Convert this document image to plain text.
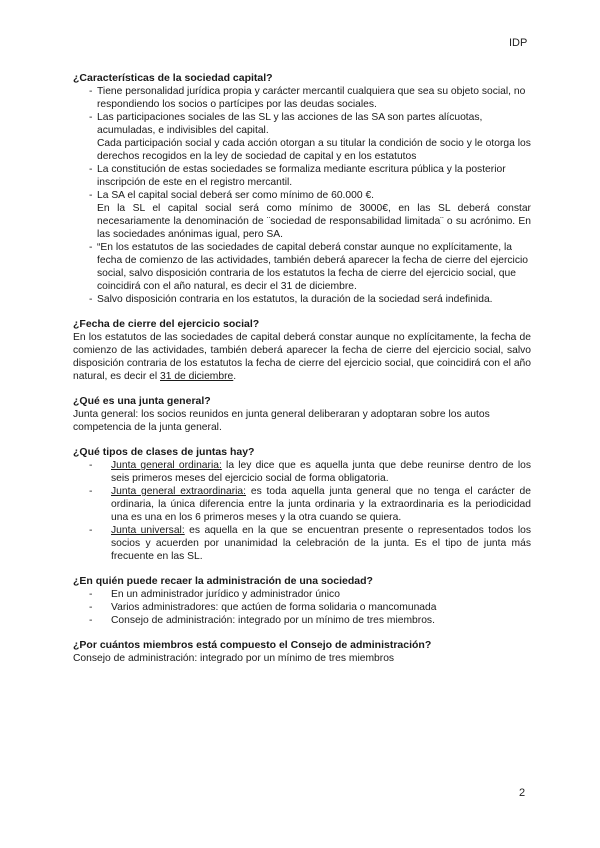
IDP

¿Características de la sociedad capital?

- Tiene personalidad jurídica propia y carácter mercantil cualquiera que sea su objeto social, no respondiendo los socios o partícipes por las deudas sociales.
- Las participaciones sociales de las SL y las acciones de las SA son partes alícuotas, acumuladas, e indivisibles del capital.
Cada participación social y cada acción otorgan a su titular la condición de socio y le otorga los derechos recogidos en la ley de sociedad de capital y en los estatutos
- La constitución de estas sociedades se formaliza mediante escritura pública y la posterior inscripción de este en el registro mercantil.
- La SA el capital social deberá ser como mínimo de 60.000 €.
En la SL el capital social será como mínimo de 3000€, en las SL deberá constar necesariamente la denominación de ¨sociedad de responsabilidad limitada¨ o su acrónimo. En las sociedades anónimas igual, pero SA.
- “En los estatutos de las sociedades de capital deberá constar aunque no explícitamente, la fecha de comienzo de las actividades, también deberá aparecer la fecha de cierre del ejercicio social, salvo disposición contraria de los estatutos la fecha de cierre del ejercicio social, que coincidirá con el año natural, es decir el 31 de diciembre.
- Salvo disposición contraria en los estatutos, la duración de la sociedad será indefinida.

¿Fecha de cierre del ejercicio social?

En los estatutos de las sociedades de capital deberá constar aunque no explícitamente, la fecha de comienzo de las actividades, también deberá aparecer la fecha de cierre del ejercicio social, salvo disposición contraria de los estatutos la fecha de cierre del ejercicio social, que coincidirá con el año natural, es decir el 31 de diciembre.

¿Qué es una junta general?

Junta general: los socios reunidos en junta general deliberaran y adoptaran sobre los autos competencia de la junta general.

¿Qué tipos de clases de juntas hay?

- Junta general ordinaria: la ley dice que es aquella junta que debe reunirse dentro de los seis primeros meses del ejercicio social de forma obligatoria.
- Junta general extraordinaria: es toda aquella junta general que no tenga el carácter de ordinaria, la única diferencia entre la junta ordinaria y la extraordinaria es la periodicidad una es una en los 6 primeros meses y la otra cuando se quiera.
- Junta universal: es aquella en la que se encuentran presente o representados todos los socios y acuerden por unanimidad la celebración de la junta. Es el tipo de junta más frecuente en las SL.

¿En quién puede recaer la administración de una sociedad?

- En un administrador jurídico y administrador único
- Varios administradores: que actúen de forma solidaria o mancomunada
- Consejo de administración: integrado por un mínimo de tres miembros.

¿Por cuántos miembros está compuesto el Consejo de administración?

Consejo de administración: integrado por un mínimo de tres miembros

2
